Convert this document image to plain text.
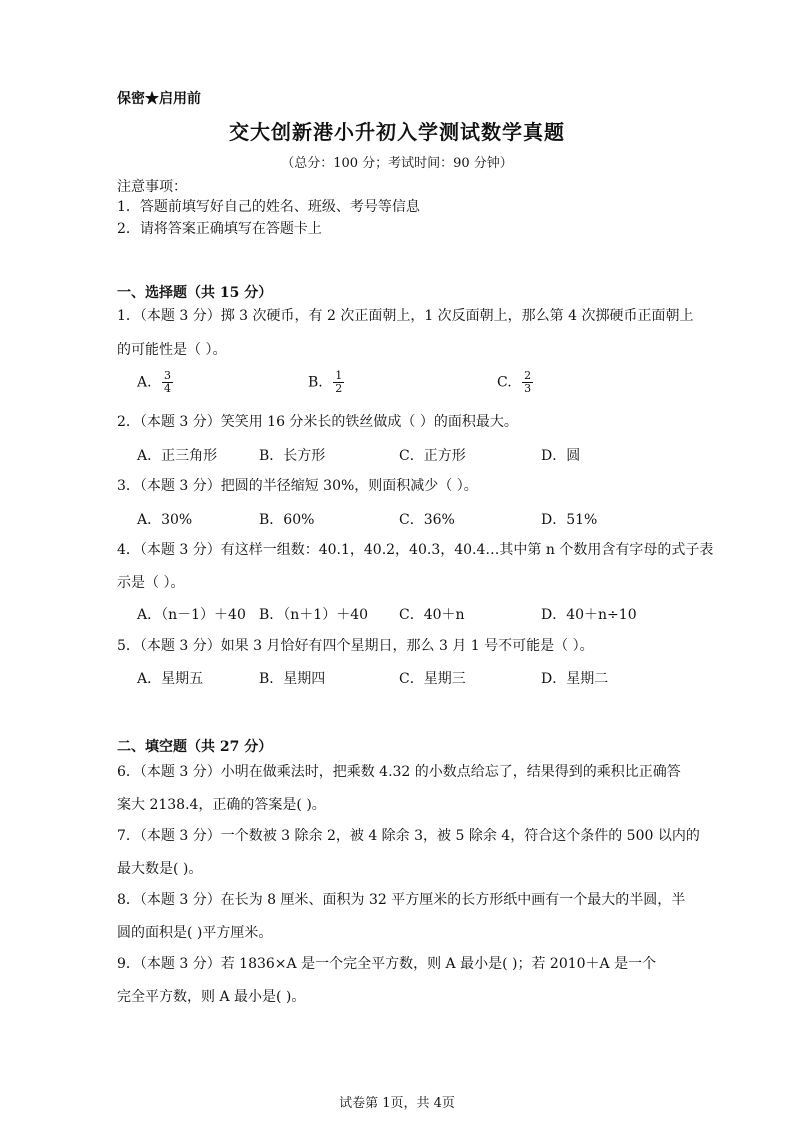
保密★启用前
交大创新港小升初入学测试数学真题
（总分：100 分；考试时间：90 分钟）
注意事项：
1．答题前填写好自己的姓名、班级、考号等信息
2．请将答案正确填写在答题卡上
一、选择题（共 15 分）
1．（本题 3 分）掷 3 次硬币，有 2 次正面朝上，1 次反面朝上，那么第 4 次掷硬币正面朝上
的可能性是（ ）。
A. $\frac{3}{4}$	B. $\frac{1}{2}$	C. $\frac{2}{3}$
2．（本题 3 分）笑笑用 16 分米长的铁丝做成（ ）的面积最大。
A．正三角形	B．长方形	C．正方形	D．圆
3．（本题 3 分）把圆的半径缩短 30%，则面积减少（ ）。
A．30%	B．60%	C．36%	D．51%
4．（本题 3 分）有这样一组数：40.1，40.2，40.3，40.4…其中第 n 个数用含有字母的式子表
示是（ ）。
A．（n－1）＋40 B．（n＋1）＋40 C．40＋n	D．40＋n÷10
5．（本题 3 分）如果 3 月恰好有四个星期日，那么 3 月 1 号不可能是（ ）。
A．星期五	B．星期四	C．星期三	D．星期二
二、填空题（共 27 分）
6．（本题 3 分）小明在做乘法时，把乘数 4.32 的小数点给忘了，结果得到的乘积比正确答
案大 2138.4，正确的答案是( )。
7．（本题 3 分）一个数被 3 除余 2，被 4 除余 3，被 5 除余 4，符合这个条件的 500 以内的
最大数是( )。
8．（本题 3 分）在长为 8 厘米、面积为 32 平方厘米的长方形纸中画有一个最大的半圆，半
圆的面积是( )平方厘米。
9．（本题 3 分）若 1836×A 是一个完全平方数，则 A 最小是( )；若 2010＋A 是一个
完全平方数，则 A 最小是( )。
试卷第 1页，共 4页
